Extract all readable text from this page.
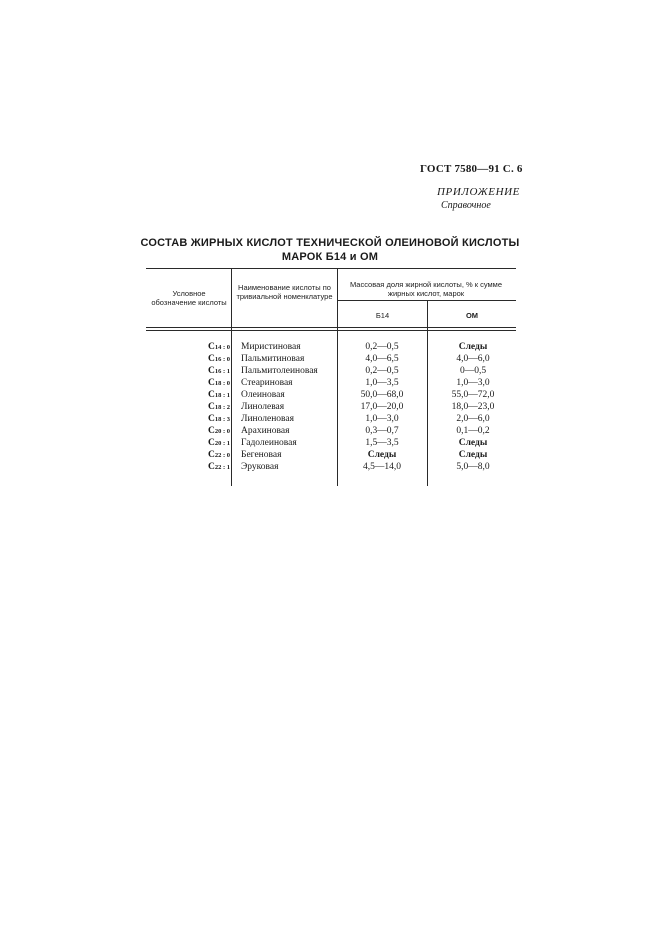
ГОСТ 7580—91 С. 6
ПРИЛОЖЕНИЕ
Справочное
СОСТАВ ЖИРНЫХ КИСЛОТ ТЕХНИЧЕСКОЙ ОЛЕИНОВОЙ КИСЛОТЫ
МАРОК Б14 и ОМ
Условное обозначение кислоты
Наименование кислоты по тривиальной номенклатуре
Массовая доля жирной кислоты, % к сумме жирных кислот, марок
Б14	ОМ
C14 : 0 Миристиновая	0,2—0,5	Следы
C16 : 0 Пальмитиновая	4,0—6,5	4,0—6,0
C16 : 1 Пальмитолеиновая	0,2—0,5	0—0,5
C18 : 0 Стеариновая	1,0—3,5	1,0—3,0
C18 : 1 Олеиновая	50,0—68,0	55,0—72,0
C18 : 2 Линолевая	17,0—20,0	18,0—23,0
C18 : 3 Линоленовая	1,0—3,0	2,0—6,0
C20 : 0 Арахиновая	0,3—0,7	0,1—0,2
C20 : 1 Гадолеиновая	1,5—3,5	Следы
C22 : 0 Бегеновая	Следы	Следы
C22 : 1 Эруковая	4,5—14,0	5,0—8,0
